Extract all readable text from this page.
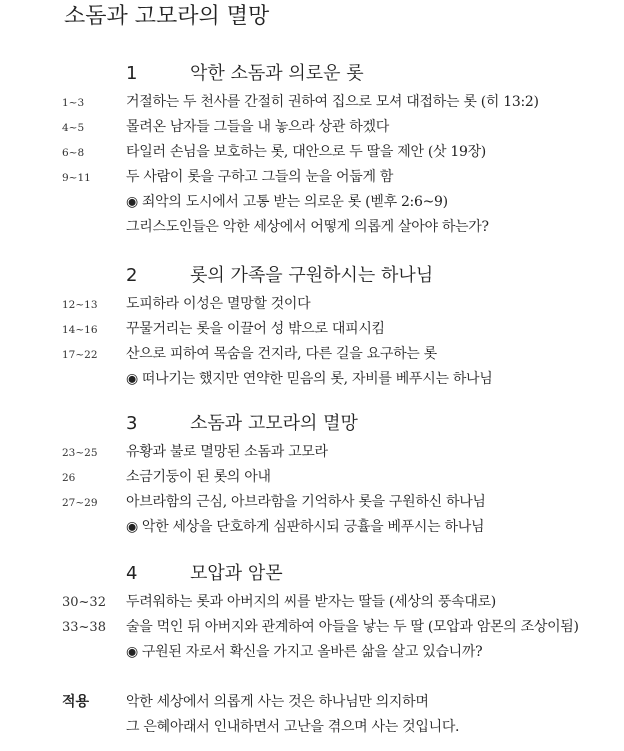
소돔과 고모라의 멸망
1	악한 소돔과 의로운 롯
1~3	거절하는 두 천사를 간절히 권하여 집으로 모셔 대접하는 롯 (히 13:2)
4~5	몰려온 남자들 그들을 내 놓으라 상관 하겠다
6~8	타일러 손님을 보호하는 롯, 대안으로 두 딸을 제안 (삿 19장)
9~11	두 사람이 롯을 구하고 그들의 눈을 어둡게 함
◉ 죄악의 도시에서 고통 받는 의로운 롯 (벧후 2:6~9)
그리스도인들은 악한 세상에서 어떻게 의롭게 살아야 하는가?
2	롯의 가족을 구원하시는 하나님
12~13 도피하라 이성은 멸망할 것이다
14~16 꾸물거리는 롯을 이끌어 성 밖으로 대피시킴
17~22 산으로 피하여 목숨을 건지라, 다른 길을 요구하는 롯
◉ 떠나기는 했지만 연약한 믿음의 롯, 자비를 베푸시는 하나님
3	소돔과 고모라의 멸망
23~25 유황과 불로 멸망된 소돔과 고모라
26	소금기둥이 된 롯의 아내
27~29 아브라함의 근심, 아브라함을 기억하사 롯을 구원하신 하나님
◉ 악한 세상을 단호하게 심판하시되 긍휼을 베푸시는 하나님
4	모압과 암몬
30~32 두려워하는 롯과 아버지의 씨를 받자는 딸들 (세상의 풍속대로)
33~38 술을 먹인 뒤 아버지와 관계하여 아들을 낳는 두 딸 (모압과 암몬의 조상이됨)
◉ 구원된 자로서 확신을 가지고 올바른 삶을 살고 있습니까?
적용	악한 세상에서 의롭게 사는 것은 하나님만 의지하며
그 은혜아래서 인내하면서 고난을 겪으며 사는 것입니다.
